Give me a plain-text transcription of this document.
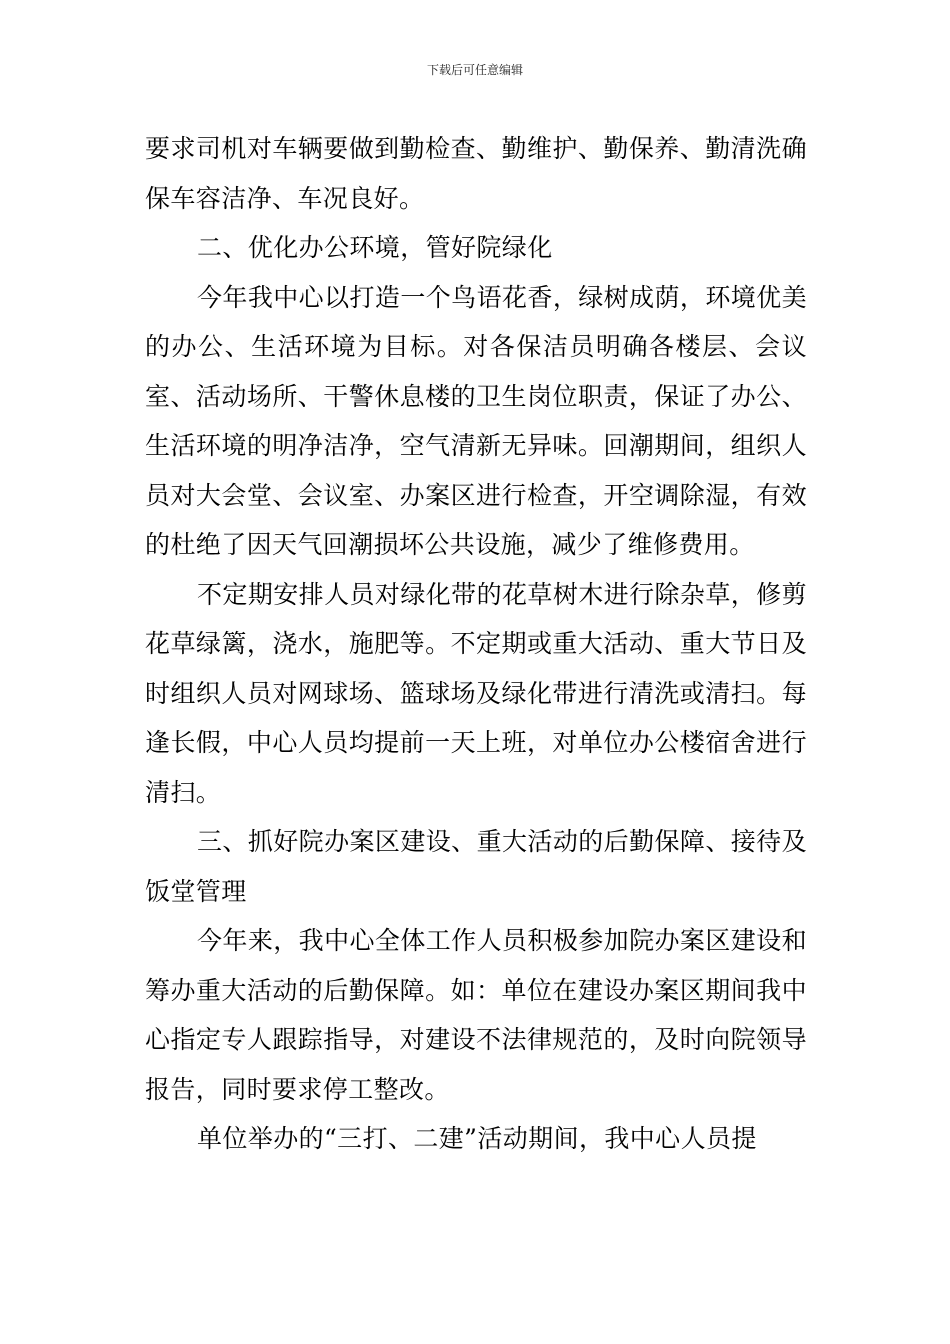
下载后可任意编辑

要求司机对车辆要做到勤检查、勤维护、勤保养、勤清洗确保车容洁净、车况良好。

二、优化办公环境，管好院绿化

今年我中心以打造一个鸟语花香，绿树成荫，环境优美的办公、生活环境为目标。对各保洁员明确各楼层、会议室、活动场所、干警休息楼的卫生岗位职责，保证了办公、生活环境的明净洁净，空气清新无异味。回潮期间，组织人员对大会堂、会议室、办案区进行检查，开空调除湿，有效的杜绝了因天气回潮损坏公共设施，减少了维修费用。

不定期安排人员对绿化带的花草树木进行除杂草，修剪花草绿篱，浇水，施肥等。不定期或重大活动、重大节日及时组织人员对网球场、篮球场及绿化带进行清洗或清扫。每逢长假，中心人员均提前一天上班，对单位办公楼宿舍进行清扫。

三、抓好院办案区建设、重大活动的后勤保障、接待及饭堂管理

今年来，我中心全体工作人员积极参加院办案区建设和筹办重大活动的后勤保障。如：单位在建设办案区期间我中心指定专人跟踪指导，对建设不法律规范的，及时向院领导报告，同时要求停工整改。

单位举办的“三打、二建”活动期间，我中心人员提
